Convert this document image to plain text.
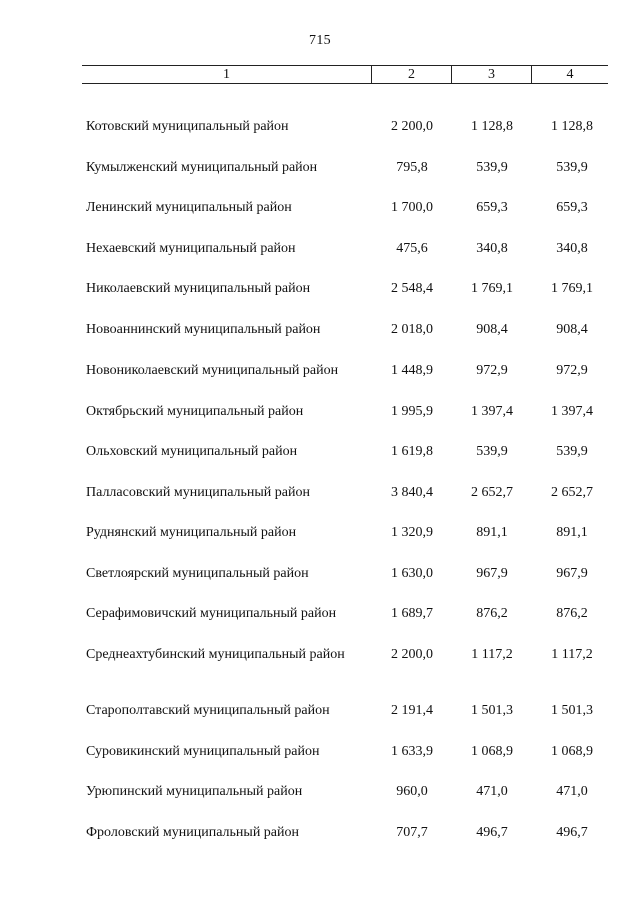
715
1	2	3	4
Котовский муниципальный район	2 200,0	1 128,8	1 128,8
Кумылженский муниципальный район	795,8	539,9	539,9
Ленинский муниципальный район	1 700,0	659,3	659,3
Нехаевский муниципальный район	475,6	340,8	340,8
Николаевский муниципальный район	2 548,4	1 769,1	1 769,1
Новоаннинский муниципальный район	2 018,0	908,4	908,4
Новониколаевский муниципальный район	1 448,9	972,9	972,9
Октябрьский муниципальный район	1 995,9	1 397,4	1 397,4
Ольховский муниципальный район	1 619,8	539,9	539,9
Палласовский муниципальный район	3 840,4	2 652,7	2 652,7
Руднянский муниципальный район	1 320,9	891,1	891,1
Светлоярский муниципальный район	1 630,0	967,9	967,9
Серафимовичский муниципальный район	1 689,7	876,2	876,2
Среднеахтубинский муниципальный район	2 200,0	1 117,2	1 117,2
Старополтавский муниципальный район	2 191,4	1 501,3	1 501,3
Суровикинский муниципальный район	1 633,9	1 068,9	1 068,9
Урюпинский муниципальный район	960,0	471,0	471,0
Фроловский муниципальный район	707,7	496,7	496,7
